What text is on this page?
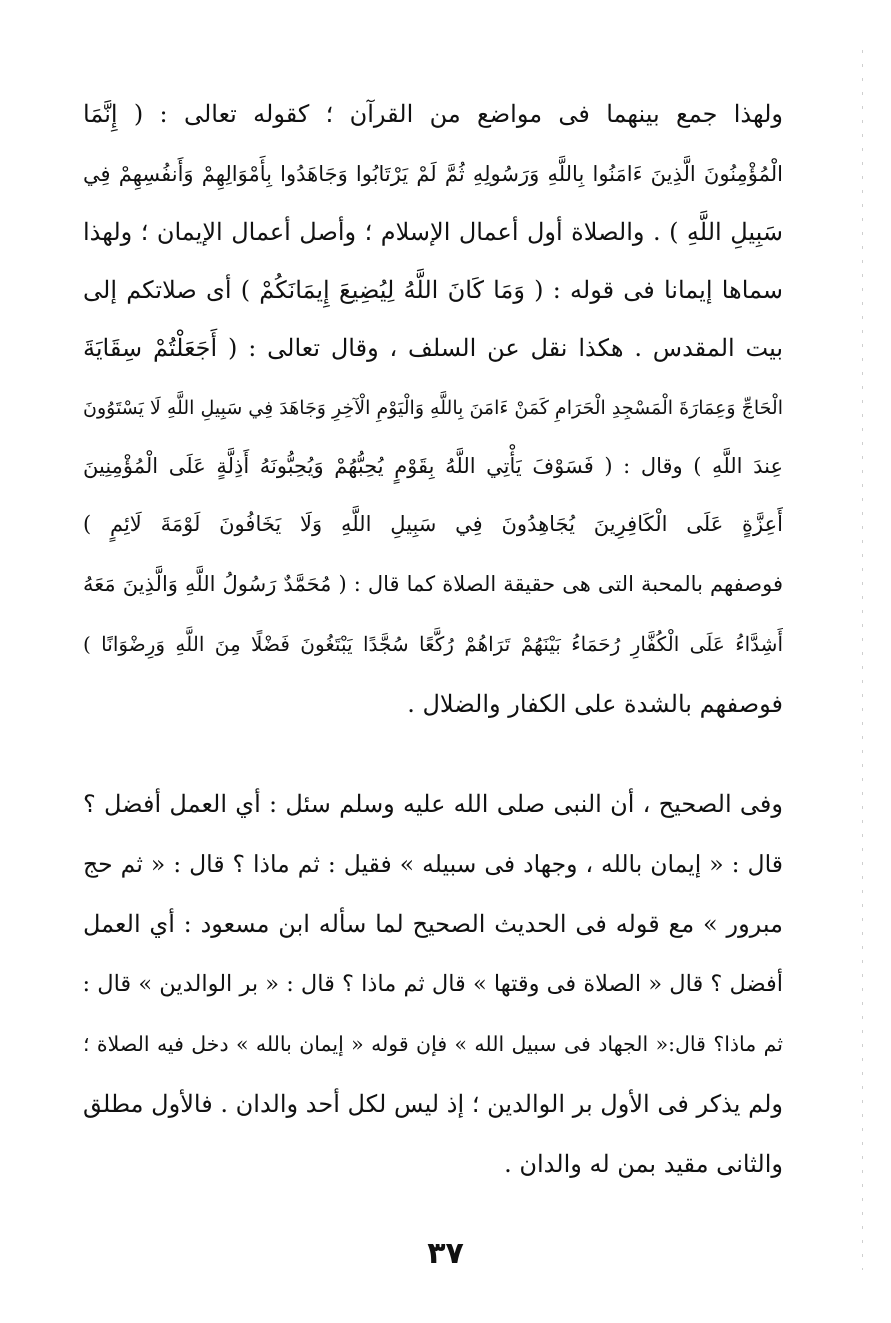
ولهذا جمع بينهما فى مواضع من القرآن ؛ كقوله تعالى : ( إِنَّمَا
الْمُؤْمِنُونَ الَّذِينَ ءَامَنُوا بِاللَّهِ وَرَسُولِهِ ثُمَّ لَمْ يَرْتَابُوا وَجَاهَدُوا بِأَمْوَالِهِمْ وَأَنفُسِهِمْ فِي
سَبِيلِ اللَّهِ ) . والصلاة أول أعمال الإسلام ؛ وأصل أعمال الإيمان ؛ ولهذا
سماها إيمانا فى قوله : ( وَمَا كَانَ اللَّهُ لِيُضِيعَ إِيمَانَكُمْ ) أى صلاتكم إلى
بيت المقدس . هكذا نقل عن السلف ، وقال تعالى : ( أَجَعَلْتُمْ سِقَايَةَ
الْحَاجِّ وَعِمَارَةَ الْمَسْجِدِ الْحَرَامِ كَمَنْ ءَامَنَ بِاللَّهِ وَالْيَوْمِ الْآخِرِ وَجَاهَدَ فِي سَبِيلِ اللَّهِ لَا يَسْتَوُونَ
عِندَ اللَّهِ ) وقال : ( فَسَوْفَ يَأْتِي اللَّهُ بِقَوْمٍ يُحِبُّهُمْ وَيُحِبُّونَهُ أَذِلَّةٍ عَلَى الْمُؤْمِنِينَ
أَعِزَّةٍ عَلَى الْكَافِرِينَ يُجَاهِدُونَ فِي سَبِيلِ اللَّهِ وَلَا يَخَافُونَ لَوْمَةَ لَائِمٍ )
فوصفهم بالمحبة التى هى حقيقة الصلاة كما قال : ( مُحَمَّدٌ رَسُولُ اللَّهِ وَالَّذِينَ مَعَهُ
أَشِدَّاءُ عَلَى الْكُفَّارِ رُحَمَاءُ بَيْنَهُمْ تَرَاهُمْ رُكَّعًا سُجَّدًا يَبْتَغُونَ فَضْلًا مِنَ اللَّهِ وَرِضْوَانًا )
فوصفهم بالشدة على الكفار والضلال .
وفى الصحيح ، أن النبى صلى الله عليه وسلم سئل : أي العمل أفضل ؟
قال : « إيمان بالله ، وجهاد فى سبيله » فقيل : ثم ماذا ؟ قال : « ثم حج
مبرور » مع قوله فى الحديث الصحيح لما سأله ابن مسعود : أي العمل
أفضل ؟ قال « الصلاة فى وقتها » قال ثم ماذا ؟ قال : « بر الوالدين » قال :
ثم ماذا؟ قال:« الجهاد فى سبيل الله » فإن قوله « إيمان بالله » دخل فيه الصلاة ؛
ولم يذكر فى الأول بر الوالدين ؛ إذ ليس لكل أحد والدان . فالأول مطلق
والثانى مقيد بمن له والدان .
٣٧
